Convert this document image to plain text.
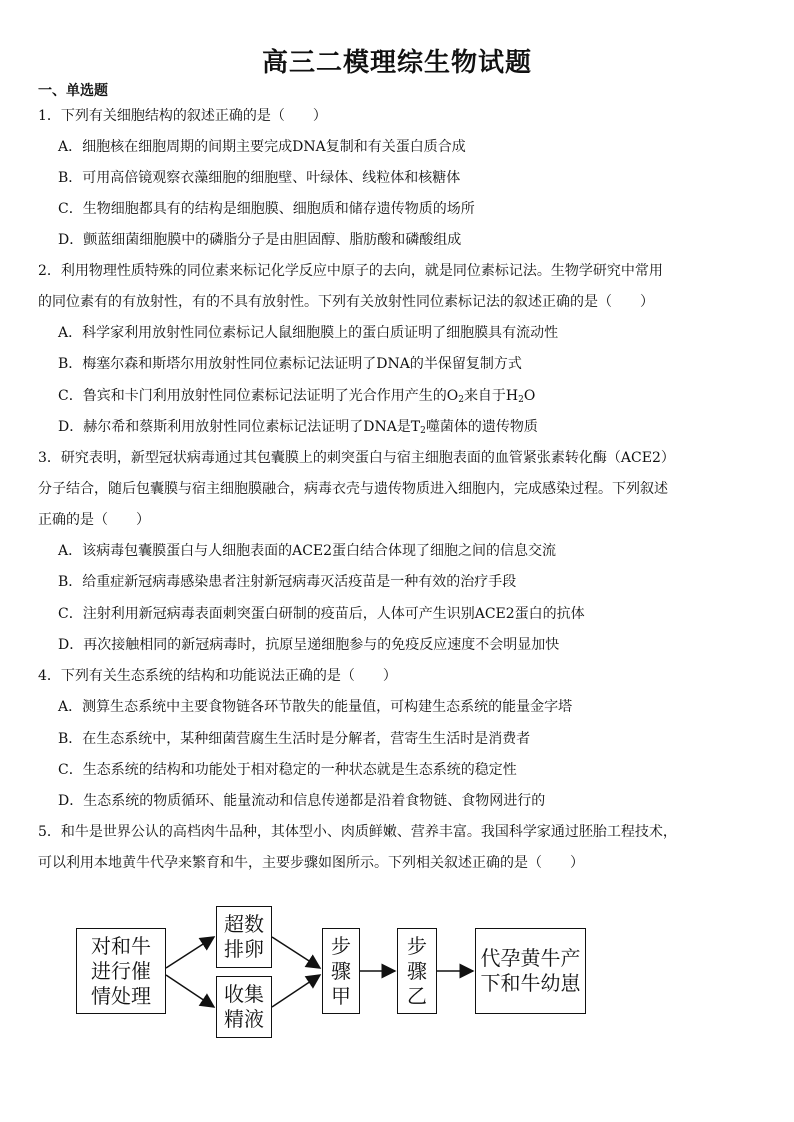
高三二模理综生物试题
一、单选题
1．下列有关细胞结构的叙述正确的是（　　）
A．细胞核在细胞周期的间期主要完成DNA复制和有关蛋白质合成
B．可用高倍镜观察衣藻细胞的细胞壁、叶绿体、线粒体和核糖体
C．生物细胞都具有的结构是细胞膜、细胞质和储存遗传物质的场所
D．颤蓝细菌细胞膜中的磷脂分子是由胆固醇、脂肪酸和磷酸组成
2．利用物理性质特殊的同位素来标记化学反应中原子的去向，就是同位素标记法。生物学研究中常用
的同位素有的有放射性，有的不具有放射性。下列有关放射性同位素标记法的叙述正确的是（　　）
A．科学家利用放射性同位素标记人鼠细胞膜上的蛋白质证明了细胞膜具有流动性
B．梅塞尔森和斯塔尔用放射性同位素标记法证明了DNA的半保留复制方式
C．鲁宾和卡门利用放射性同位素标记法证明了光合作用产生的$O_2$来自于$H_2O$
D．赫尔希和蔡斯利用放射性同位素标记法证明了DNA是$T_2$噬菌体的遗传物质
3．研究表明，新型冠状病毒通过其包囊膜上的刺突蛋白与宿主细胞表面的血管紧张素转化酶（ACE2）
分子结合，随后包囊膜与宿主细胞膜融合，病毒衣壳与遗传物质进入细胞内，完成感染过程。下列叙述
正确的是（　　）
A．该病毒包囊膜蛋白与人细胞表面的ACE2蛋白结合体现了细胞之间的信息交流
B．给重症新冠病毒感染患者注射新冠病毒灭活疫苗是一种有效的治疗手段
C．注射利用新冠病毒表面刺突蛋白研制的疫苗后，人体可产生识别ACE2蛋白的抗体
D．再次接触相同的新冠病毒时，抗原呈递细胞参与的免疫反应速度不会明显加快
4．下列有关生态系统的结构和功能说法正确的是（　　）
A．测算生态系统中主要食物链各环节散失的能量值，可构建生态系统的能量金字塔
B．在生态系统中，某种细菌营腐生生活时是分解者，营寄生生活时是消费者
C．生态系统的结构和功能处于相对稳定的一种状态就是生态系统的稳定性
D．生态系统的物质循环、能量流动和信息传递都是沿着食物链、食物网进行的
5．和牛是世界公认的高档肉牛品种，其体型小、肉质鲜嫩、营养丰富。我国科学家通过胚胎工程技术，
可以利用本地黄牛代孕来繁育和牛，主要步骤如图所示。下列相关叙述正确的是（　　）
对和牛
进行催
情处理
超数
排卵
收集
精液
步
骤
甲
步
骤
乙
代孕黄牛产
下和牛幼崽
